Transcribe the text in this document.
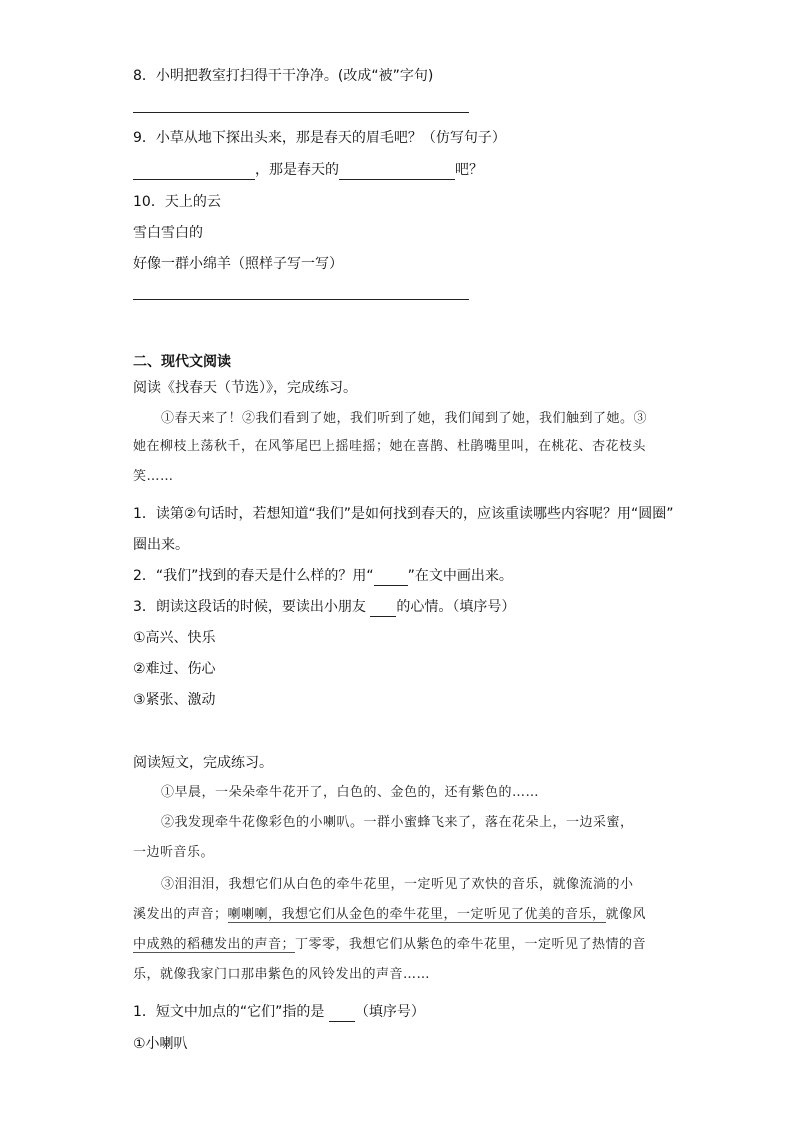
8．小明把教室打扫得干干净净。(改成“被”字句)
9．小草从地下探出头来，那是春天的眉毛吧？（仿写句子）
，那是春天的	吧？
10．天上的云
雪白雪白的
好像一群小绵羊（照样子写一写）
二、现代文阅读
阅读《找春天（节选）》，完成练习。
①春天来了！②我们看到了她，我们听到了她，我们闻到了她，我们触到了她。③
她在柳枝上荡秋千，在风筝尾巴上摇哇摇；她在喜鹊、杜鹃嘴里叫，在桃花、杏花枝头
笑……
1．读第②句话时，若想知道“我们”是如何找到春天的，应该重读哪些内容呢？用“圆圈”
圈出来。
2．“我们”找到的春天是什么样的？用“ ”在文中画出来。
3．朗读这段话的时候，要读出小朋友 的心情。（填序号）
①高兴、快乐
②难过、伤心
③紧张、激动
阅读短文，完成练习。
①早晨，一朵朵牵牛花开了，白色的、金色的，还有紫色的……
②我发现牵牛花像彩色的小喇叭。一群小蜜蜂飞来了，落在花朵上，一边采蜜，
一边听音乐。
③泪泪泪，我想它们从白色的牵牛花里，一定听见了欢快的音乐，就像流淌的小
溪发出的声音；喇喇喇，我想它们从金色的牵牛花里，一定听见了优美的音乐，就像风
中成熟的稻穗发出的声音；丁零零，我想它们从紫色的牵牛花里，一定听见了热情的音
乐，就像我家门口那串紫色的风铃发出的声音……
1．短文中加点的“它们”指的是 （填序号）
①小喇叭
